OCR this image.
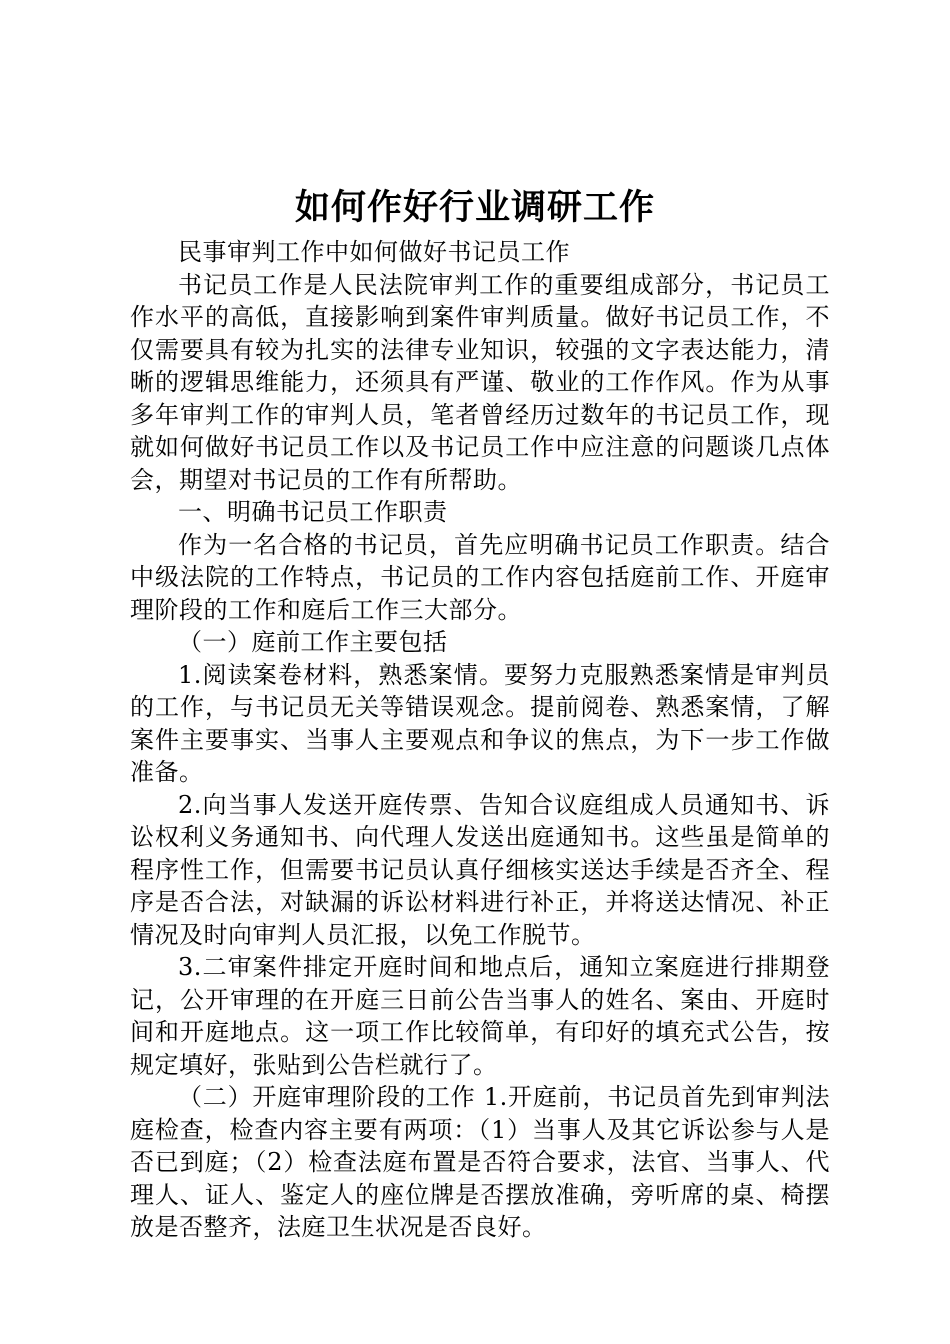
如何作好行业调研工作

民事审判工作中如何做好书记员工作

书记员工作是人民法院审判工作的重要组成部分，书记员工作水平的高低，直接影响到案件审判质量。做好书记员工作，不仅需要具有较为扎实的法律专业知识，较强的文字表达能力，清晰的逻辑思维能力，还须具有严谨、敬业的工作作风。作为从事多年审判工作的审判人员，笔者曾经历过数年的书记员工作，现就如何做好书记员工作以及书记员工作中应注意的问题谈几点体会，期望对书记员的工作有所帮助。

一、明确书记员工作职责

作为一名合格的书记员，首先应明确书记员工作职责。结合中级法院的工作特点，书记员的工作内容包括庭前工作、开庭审理阶段的工作和庭后工作三大部分。

（一）庭前工作主要包括

1.阅读案卷材料，熟悉案情。要努力克服熟悉案情是审判员的工作，与书记员无关等错误观念。提前阅卷、熟悉案情，了解案件主要事实、当事人主要观点和争议的焦点，为下一步工作做准备。

2.向当事人发送开庭传票、告知合议庭组成人员通知书、诉讼权利义务通知书、向代理人发送出庭通知书。这些虽是简单的程序性工作，但需要书记员认真仔细核实送达手续是否齐全、程序是否合法，对缺漏的诉讼材料进行补正，并将送达情况、补正情况及时向审判人员汇报，以免工作脱节。

3.二审案件排定开庭时间和地点后，通知立案庭进行排期登记，公开审理的在开庭三日前公告当事人的姓名、案由、开庭时间和开庭地点。这一项工作比较简单，有印好的填充式公告，按规定填好，张贴到公告栏就行了。

（二）开庭审理阶段的工作 1.开庭前，书记员首先到审判法庭检查，检查内容主要有两项：（1）当事人及其它诉讼参与人是否已到庭；（2）检查法庭布置是否符合要求，法官、当事人、代理人、证人、鉴定人的座位牌是否摆放准确，旁听席的桌、椅摆放是否整齐，法庭卫生状况是否良好。
